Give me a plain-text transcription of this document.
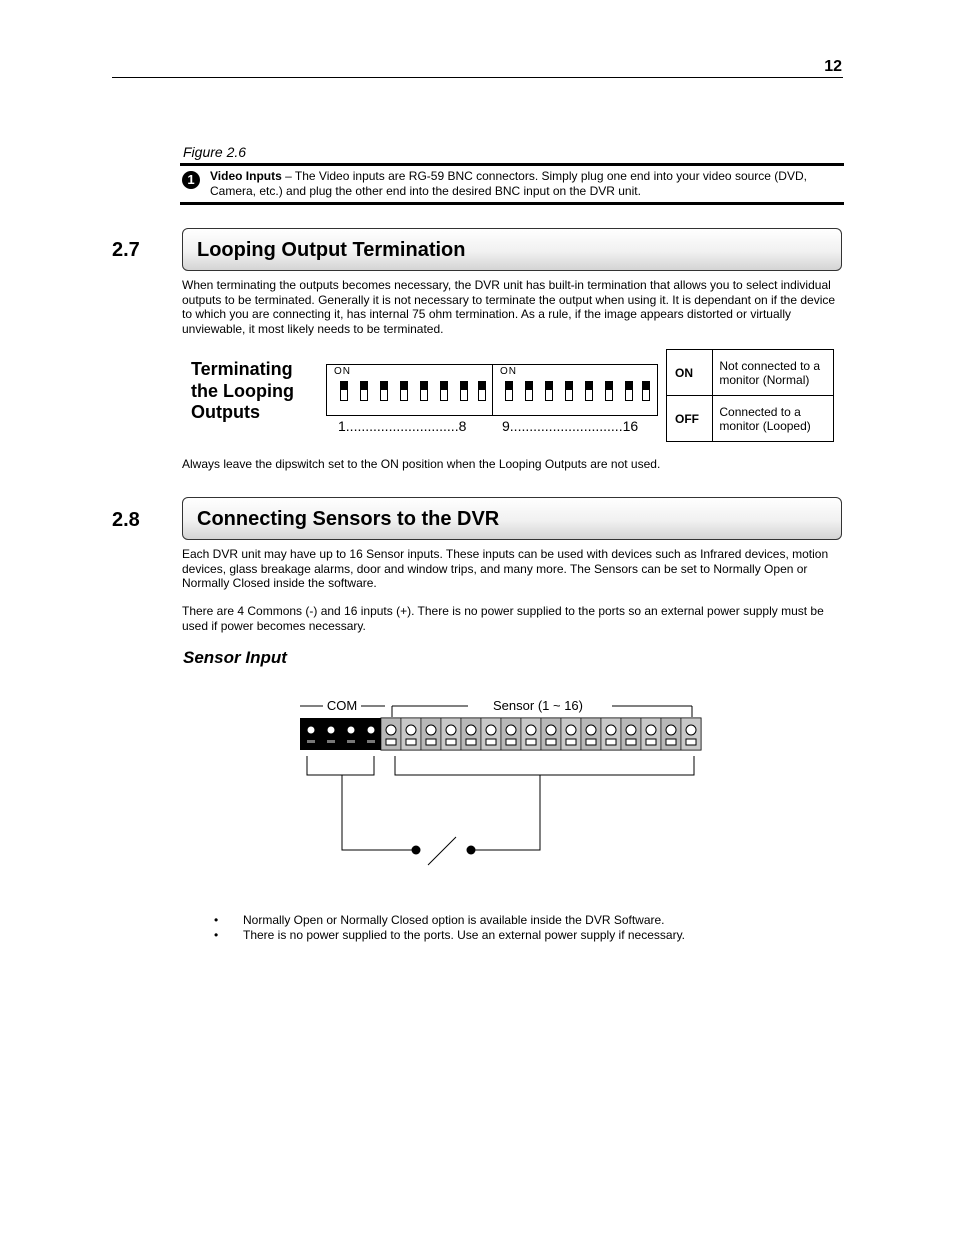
12
Figure 2.6
1	Video Inputs – The Video inputs are RG-59 BNC connectors. Simply plug one end into your video source (DVD, Camera, etc.) and plug the other end into the desired BNC input on the DVR unit.
2.7	Looping Output Termination
When terminating the outputs becomes necessary, the DVR unit has built-in termination that allows you to select individual outputs to be terminated. Generally it is not necessary to terminate the output when using it. It is dependant on if the device to which you are connecting it, has internal 75 ohm termination. As a rule, if the image appears distorted or virtually unviewable, it most likely needs to be terminated.
Terminating
the Looping
Outputs
ON	ON
1.............................8	9.............................16
ON	Not connected to a monitor (Normal)
OFF	Connected to a monitor (Looped)
Always leave the dipswitch set to the ON position when the Looping Outputs are not used.
2.8	Connecting Sensors to the DVR
Each DVR unit may have up to 16 Sensor inputs. These inputs can be used with devices such as Infrared devices, motion devices, glass breakage alarms, door and window trips, and many more. The Sensors can be set to Normally Open or Normally Closed inside the software.
There are 4 Commons (-) and 16 inputs (+). There is no power supplied to the ports so an external power supply must be used if power becomes necessary.
Sensor Input
COM	Sensor (1 ~ 16)
• Normally Open or Normally Closed option is available inside the DVR Software.
• There is no power supplied to the ports. Use an external power supply if necessary.
